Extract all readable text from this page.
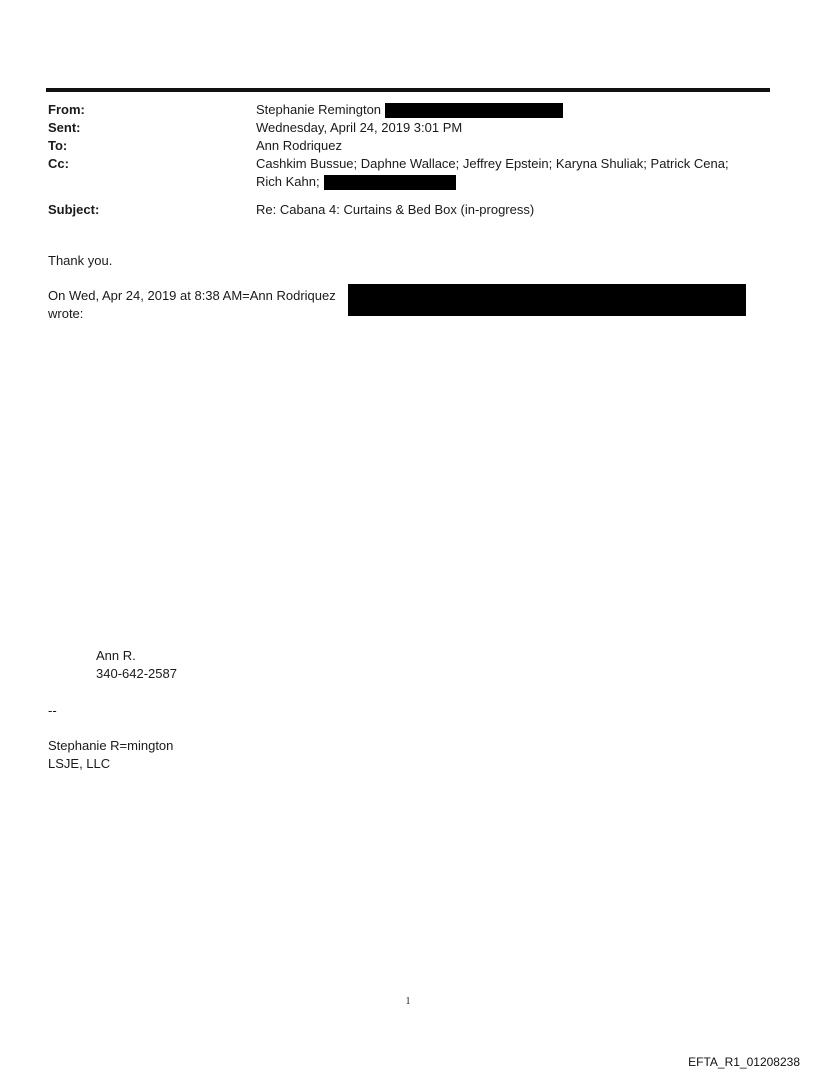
From:	Stephanie Remington
Sent:	Wednesday, April 24, 2019 3:01 PM
To:	Ann Rodriquez
Cc:	Cashkim Bussue; Daphne Wallace; Jeffrey Epstein; Karyna Shuliak; Patrick Cena; Rich Kahn;
Subject:	Re: Cabana 4: Curtains & Bed Box (in-progress)
Thank you.
On Wed, Apr 24, 2019 at 8:38 AM=Ann Rodriquez
wrote:
Ann R.
340-642-2587
--
Stephanie R=mington
LSJE, LLC
1
EFTA_R1_01208238
